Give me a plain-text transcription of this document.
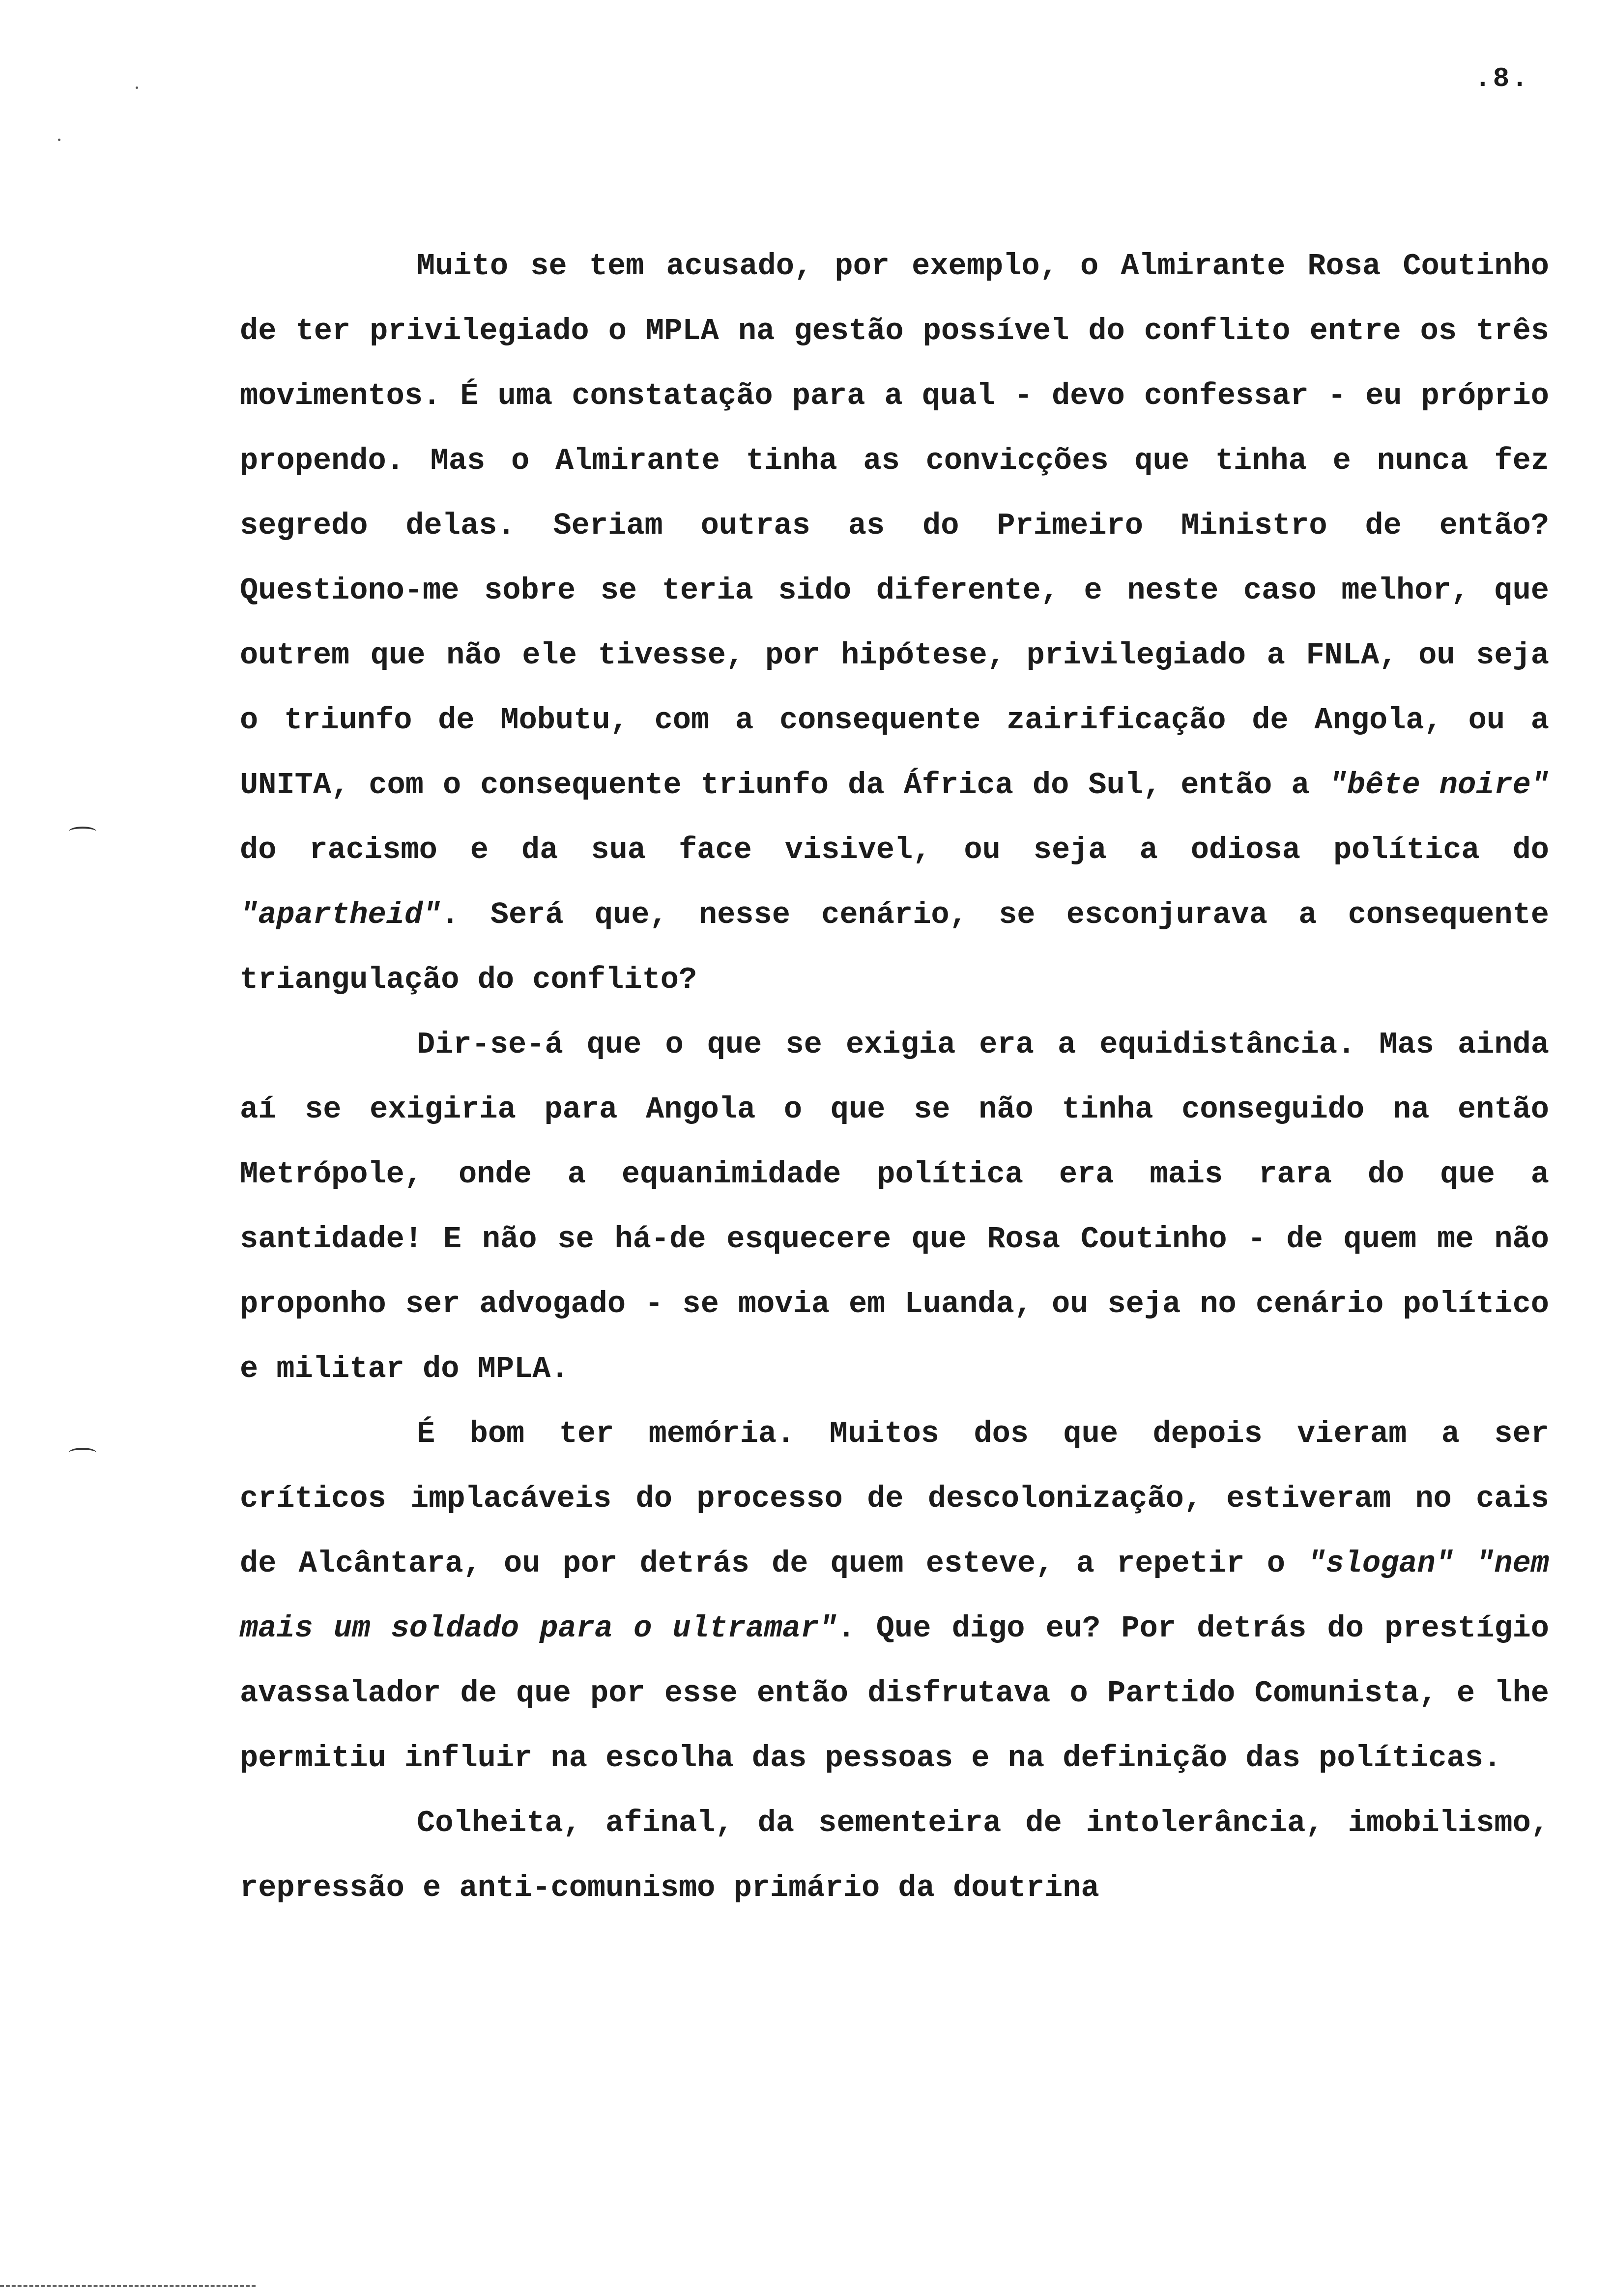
.8.

Muito se tem acusado, por exemplo, o Almirante Rosa Coutinho de ter privilegiado o MPLA na gestão possível do conflito entre os três movimentos. É uma constatação para a qual - devo confessar - eu próprio propendo. Mas o Almirante tinha as convicções que tinha e nunca fez segredo delas. Seriam outras as do Primeiro Ministro de então? Questiono-me sobre se teria sido diferente, e neste caso melhor, que outrem que não ele tivesse, por hipótese, privilegiado a FNLA, ou seja o triunfo de Mobutu, com a consequente zairificação de Angola, ou a UNITA, com o consequente triunfo da África do Sul, então a "bête noire" do racismo e da sua face visivel, ou seja a odiosa política do "apartheid". Será que, nesse cenário, se esconjurava a consequente triangulação do conflito?

Dir-se-á que o que se exigia era a equidistância. Mas ainda aí se exigiria para Angola o que se não tinha conseguido na então Metrópole, onde a equanimidade política era mais rara do que a santidade! E não se há-de esquecere que Rosa Coutinho - de quem me não proponho ser advogado - se movia em Luanda, ou seja no cenário político e militar do MPLA.

É bom ter memória. Muitos dos que depois vieram a ser críticos implacáveis do processo de descolonização, estiveram no cais de Alcântara, ou por detrás de quem esteve, a repetir o "slogan" "nem mais um soldado para o ultramar". Que digo eu? Por detrás do prestígio avassalador de que por esse então disfrutava o Partido Comunista, e lhe permitiu influir na escolha das pessoas e na definição das políticas.

Colheita, afinal, da sementeira de intolerância, imobilismo, repressão e anti-comunismo primário da doutrina
